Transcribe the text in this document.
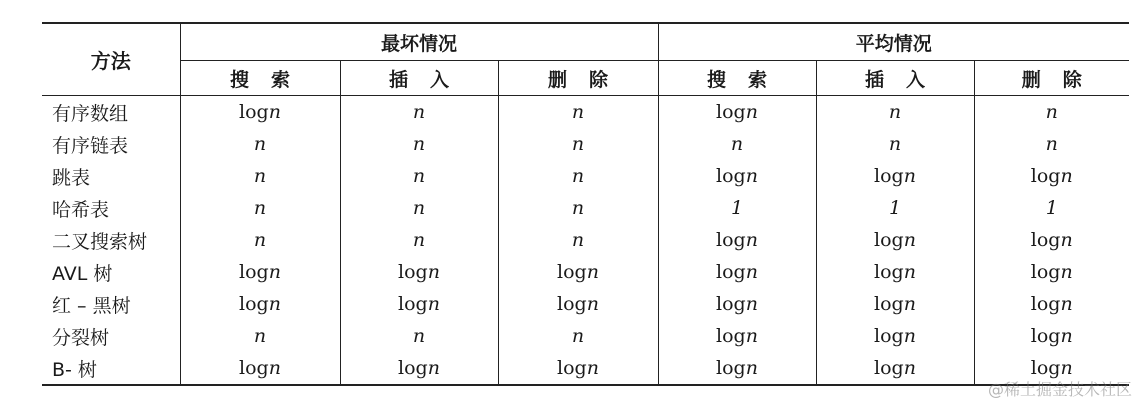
方法	最坏情况			平均情况		
	搜索	插入	删除	搜索	插入	删除
有序数组	logn	n	n	logn	n	n
有序链表	n	n	n	n	n	n
跳表	n	n	n	logn	logn	logn
哈希表	n	n	n	1	1	1
二叉搜索树	n	n	n	logn	logn	logn
AVL 树	logn	logn	logn	logn	logn	logn
红 – 黑树	logn	logn	logn	logn	logn	logn
分裂树	n	n	n	logn	logn	logn
B- 树	logn	logn	logn	logn	logn	logn
@稀土掘金技术社区
